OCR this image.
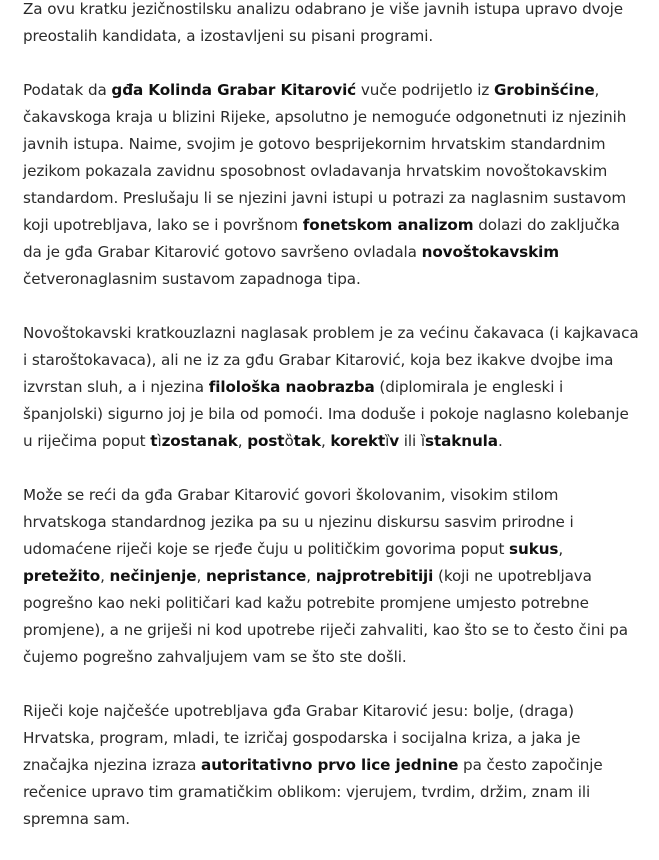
Za ovu kratku jezičnostilsku analizu odabrano je više javnih istupa upravo dvoje preostalih kandidata, a izostavljeni su pisani programi.

Podatak da gđa Kolinda Grabar Kitarović vuče podrijetlo iz Grobinšćine, čakavskoga kraja u blizini Rijeke, apsolutno je nemoguće odgonetnuti iz njezinih javnih istupa. Naime, svojim je gotovo besprijekornim hrvatskim standardnim jezikom pokazala zavidnu sposobnost ovladavanja hrvatskim novoštokavskim standardom. Preslušaju li se njezini javni istupi u potrazi za naglasnim sustavom koji upotrebljava, lako se i površnom fonetskom analizom dolazi do zaključka da je gđa Grabar Kitarović gotovo savršeno ovladala novoštokavskim četveronaglasnim sustavom zapadnoga tipa.

Novoštokavski kratkouzlazni naglasak problem je za većinu čakavaca (i kajkavaca i staroštokavaca), ali ne iz za gđu Grabar Kitarović, koja bez ikakve dvojbe ima izvrstan sluh, a i njezina filološka naobrazba (diplomirala je engleski i španjolski) sigurno joj je bila od pomoći. Ima doduše i pokoje naglasno kolebanje u riječima poput tìzostanak, postȍtak, korektȉv ili ȉstaknula.

Može se reći da gđa Grabar Kitarović govori školovanim, visokim stilom hrvatskoga standardnog jezika pa su u njezinu diskursu sasvim prirodne i udomaćene riječi koje se rjeđe čuju u političkim govorima poput sukus, pretežito, nečinjenje, nepristance, najprotrebitiji (koji ne upotrebljava pogrešno kao neki političari kad kažu potrebite promjene umjesto potrebne promjene), a ne griješi ni kod upotrebe riječi zahvaliti, kao što se to često čini pa čujemo pogrešno zahvaljujem vam se što ste došli.

Riječi koje najčešće upotrebljava gđa Grabar Kitarović jesu: bolje, (draga) Hrvatska, program, mladi, te izričaj gospodarska i socijalna kriza, a jaka je značajka njezina izraza autoritativno prvo lice jednine pa često započinje rečenice upravo tim gramatičkim oblikom: vjerujem, tvrdim, držim, znam ili spremna sam.
